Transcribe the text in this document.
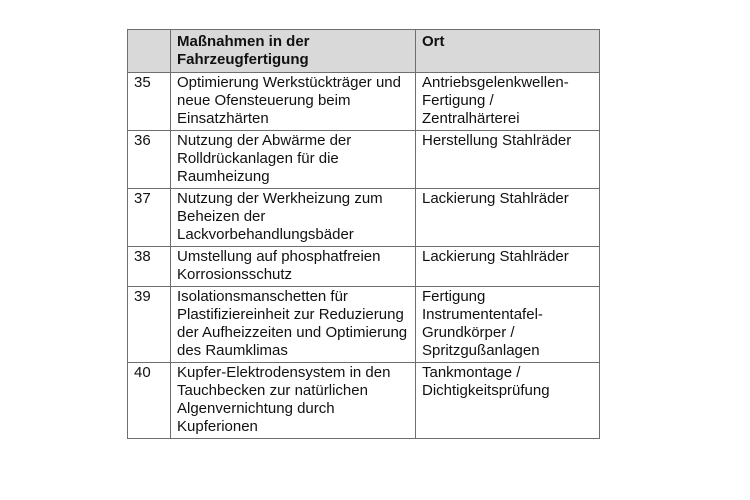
	Maßnahmen in der Fahrzeugfertigung	Ort
35	Optimierung Werkstückträger und neue Ofensteuerung beim Einsatzhärten	Antriebsgelenkwellen-Fertigung / Zentralhärterei
36	Nutzung der Abwärme der Rolldrückanlagen für die Raumheizung	Herstellung Stahlräder
37	Nutzung der Werkheizung zum Beheizen der Lackvorbehandlungsbäder	Lackierung Stahlräder
38	Umstellung auf phosphatfreien Korrosionsschutz	Lackierung Stahlräder
39	Isolationsmanschetten für Plastifiziereinheit zur Reduzierung der Aufheizzeiten und Optimierung des Raumklimas	Fertigung Instrumententafel-Grundkörper / Spritzgußanlagen
40	Kupfer-Elektrodensystem in den Tauchbecken zur natürlichen Algenvernichtung durch Kupferionen	Tankmontage / Dichtigkeitsprüfung
